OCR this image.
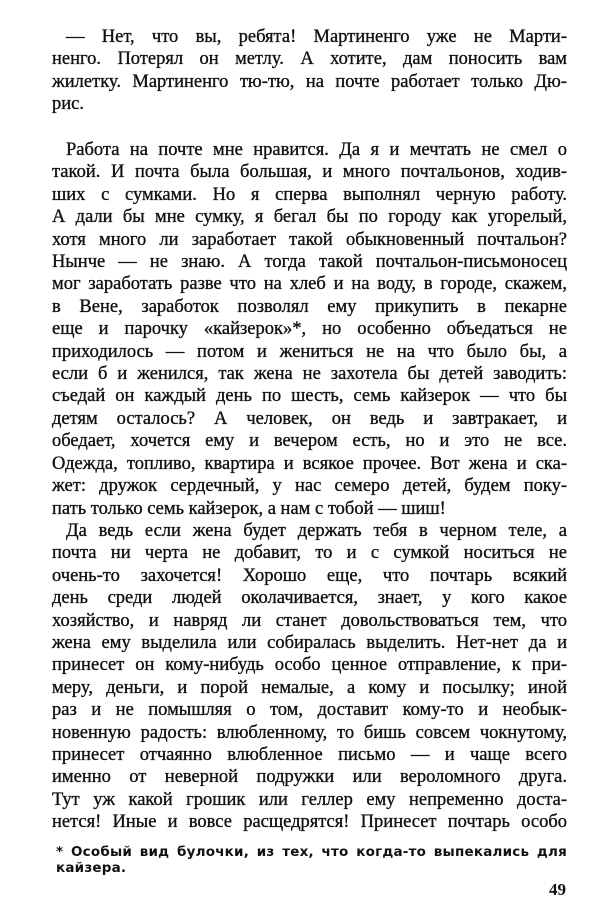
— Нет, что вы, ребята! Мартиненго уже не Марти-
ненго. Потерял он метлу. А хотите, дам поносить вам
жилетку. Мартиненго тю-тю, на почте работает только Дю-
рис.
Работа на почте мне нравится. Да я и мечтать не смел о
такой. И почта была большая, и много почтальонов, ходив-
ших с сумками. Но я сперва выполнял черную работу.
А дали бы мне сумку, я бегал бы по городу как угорелый,
хотя много ли заработает такой обыкновенный почтальон?
Нынче — не знаю. А тогда такой почтальон-письмоносец
мог заработать разве что на хлеб и на воду, в городе, скажем,
в Вене, заработок позволял ему прикупить в пекарне
еще и парочку «кайзерок»*, но особенно объедаться не
приходилось — потом и жениться не на что было бы, а
если б и женился, так жена не захотела бы детей заводить:
съедай он каждый день по шесть, семь кайзерок — что бы
детям осталось? А человек, он ведь и завтракает, и
обедает, хочется ему и вечером есть, но и это не все.
Одежда, топливо, квартира и всякое прочее. Вот жена и ска-
жет: дружок сердечный, у нас семеро детей, будем поку-
пать только семь кайзерок, а нам с тобой — шиш!
Да ведь если жена будет держать тебя в черном теле, а
почта ни черта не добавит, то и с сумкой носиться не
очень-то захочется! Хорошо еще, что почтарь всякий
день среди людей околачивается, знает, у кого какое
хозяйство, и навряд ли станет довольствоваться тем, что
жена ему выделила или собиралась выделить. Нет-нет да и
принесет он кому-нибудь особо ценное отправление, к при-
меру, деньги, и порой немалые, а кому и посылку; иной
раз и не помышляя о том, доставит кому-то и необык-
новенную радость: влюбленному, то бишь совсем чокнутому,
принесет отчаянно влюбленное письмо — и чаще всего
именно от неверной подружки или вероломного друга.
Тут уж какой грошик или геллер ему непременно доста-
нется! Иные и вовсе расщедрятся! Принесет почтарь особо
* Особый вид булочки, из тех, что когда-то выпекались для кайзера.
49
